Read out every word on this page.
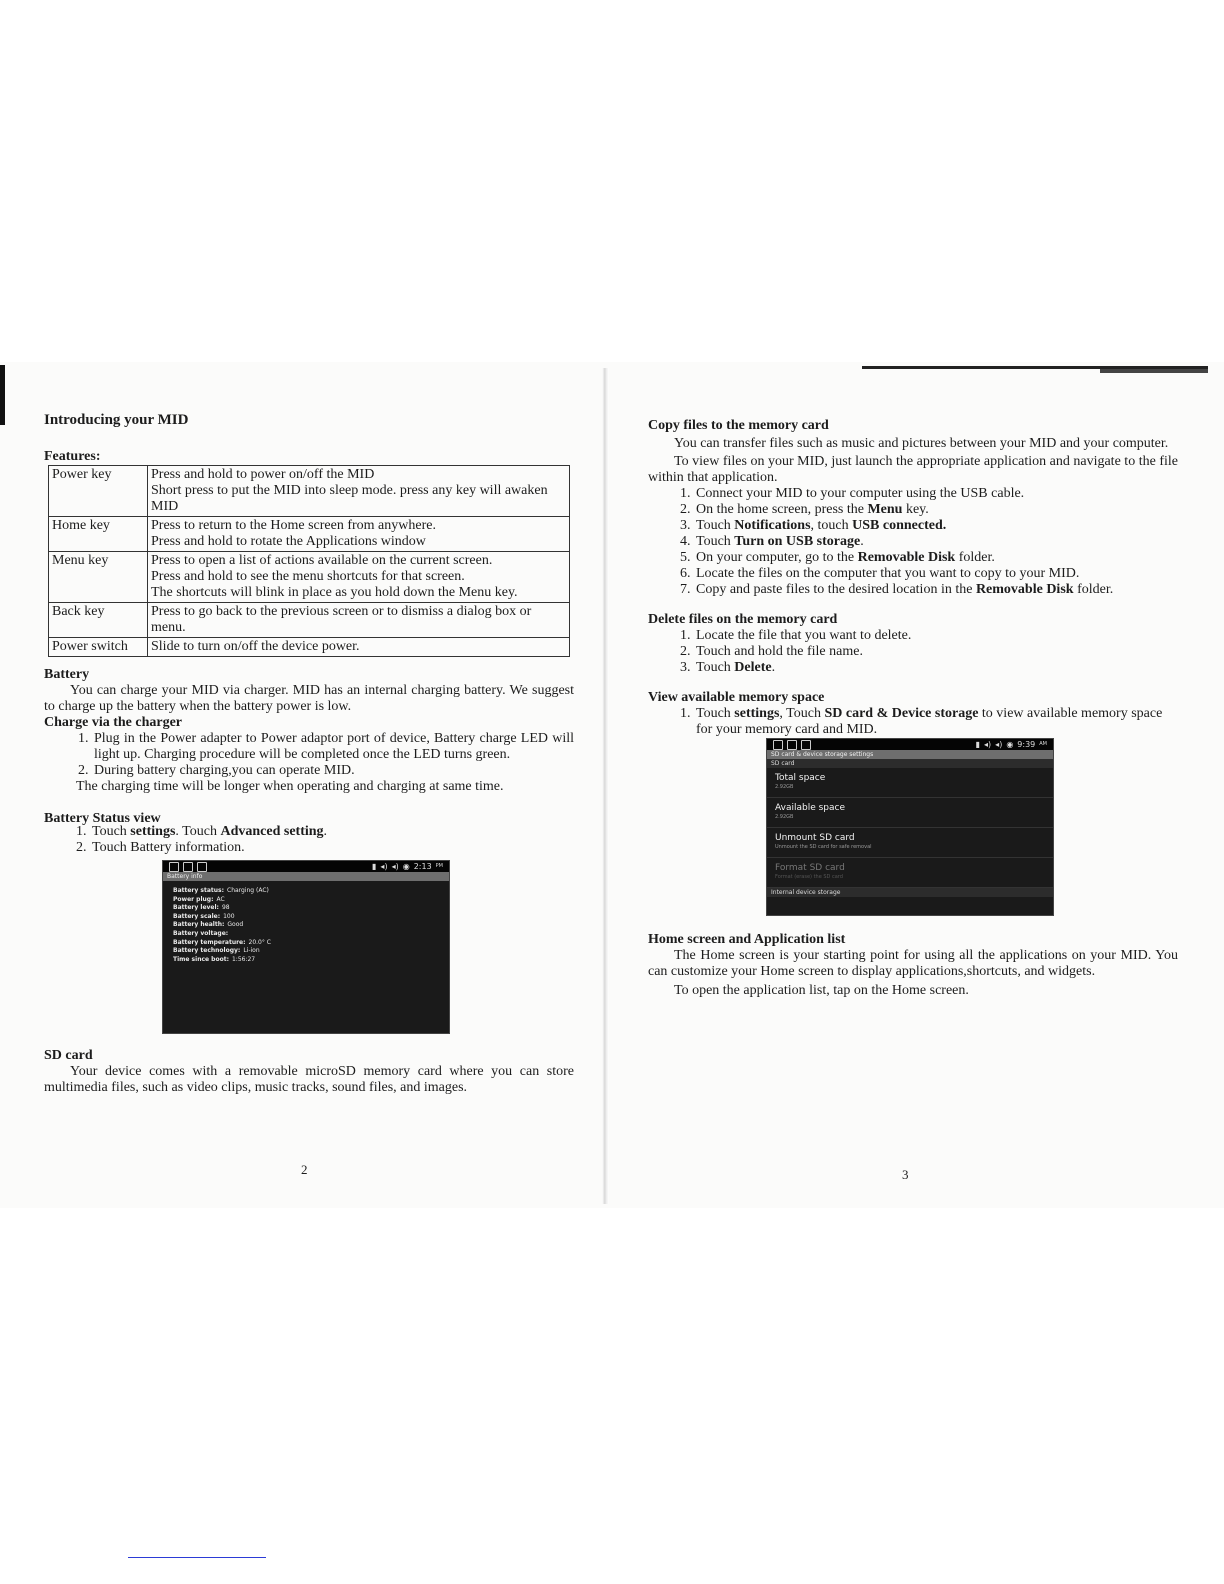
Introducing your MID

Features:

Power key	Press and hold to power on/off the MID
Short press to put the MID into sleep mode. press any key will awaken MID

Home key	Press to return to the Home screen from anywhere.
Press and hold to rotate the Applications window

Menu key	Press to open a list of actions available on the current screen.
Press and hold to see the menu shortcuts for that screen.
The shortcuts will blink in place as you hold down the Menu key.

Back key	Press to go back to the previous screen or to dismiss a dialog box or menu.

Power switch	Slide to turn on/off the device power.

Battery

You can charge your MID via charger. MID has an internal charging battery. We suggest to charge up the battery when the battery power is low.

Charge via the charger

1. Plug in the Power adapter to Power adaptor port of device, Battery charge LED will light up. Charging procedure will be completed once the LED turns green.
2. During battery charging,you can operate MID.

The charging time will be longer when operating and charging at same time.

Battery Status view

1. Touch settings. Touch Advanced setting.
2. Touch Battery information.
▮ ◂) ◂) ◉ 2:13 PM
Battery info
Battery status: Charging (AC)
Power plug: AC
Battery level: 98
Battery scale: 100
Battery health: Good
Battery voltage:
Battery temperature: 20.0° C
Battery technology: Li-ion
Time since boot: 1:56:27

SD card

Your device comes with a removable microSD memory card where you can store multimedia files, such as video clips, music tracks, sound files, and images.

2

Copy files to the memory card

You can transfer files such as music and pictures between your MID and your computer.

To view files on your MID, just launch the appropriate application and navigate to the file within that application.

1. Connect your MID to your computer using the USB cable.
2. On the home screen, press the Menu key.
3. Touch Notifications, touch USB connected.
4. Touch Turn on USB storage.
5. On your computer, go to the Removable Disk folder.
6. Locate the files on the computer that you want to copy to your MID.
7. Copy and paste files to the desired location in the Removable Disk folder.

Delete files on the memory card

1. Locate the file that you want to delete.
2. Touch and hold the file name.
3. Touch Delete.

View available memory space

1. Touch settings, Touch SD card & Device storage to view available memory space for your memory card and MID.
▮ ◂) ◂) ◉ 9:39 AM
SD card & device storage settings
SD card
Total space
2.92GB
Available space
2.92GB
Unmount SD card
Unmount the SD card for safe removal
Format SD card
Format (erase) the SD card
Internal device storage

Home screen and Application list

The Home screen is your starting point for using all the applications on your MID. You can customize your Home screen to display applications,shortcuts, and widgets.

To open the application list, tap on the Home screen.

3
